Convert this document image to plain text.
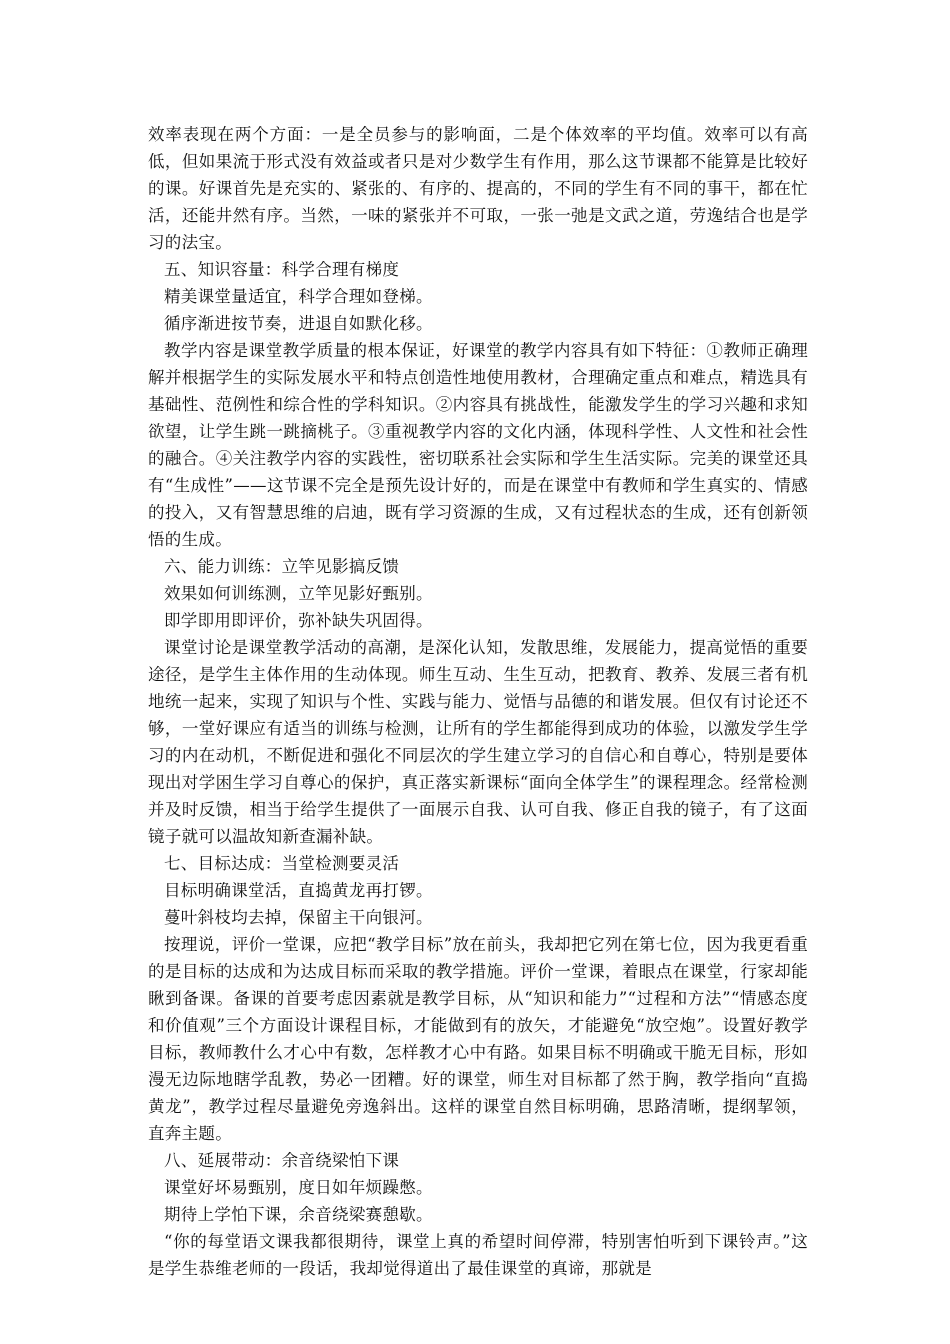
效率表现在两个方面：一是全员参与的影响面，二是个体效率的平均值。效率可以有高低，但如果流于形式没有效益或者只是对少数学生有作用，那么这节课都不能算是比较好的课。好课首先是充实的、紧张的、有序的、提高的，不同的学生有不同的事干，都在忙活，还能井然有序。当然，一味的紧张并不可取，一张一弛是文武之道，劳逸结合也是学习的法宝。

五、知识容量：科学合理有梯度

精美课堂量适宜，科学合理如登梯。

循序渐进按节奏，进退自如默化移。

教学内容是课堂教学质量的根本保证，好课堂的教学内容具有如下特征：①教师正确理解并根据学生的实际发展水平和特点创造性地使用教材，合理确定重点和难点，精选具有基础性、范例性和综合性的学科知识。②内容具有挑战性，能激发学生的学习兴趣和求知欲望，让学生跳一跳摘桃子。③重视教学内容的文化内涵，体现科学性、人文性和社会性的融合。④关注教学内容的实践性，密切联系社会实际和学生生活实际。完美的课堂还具有“生成性”——这节课不完全是预先设计好的，而是在课堂中有教师和学生真实的、情感的投入，又有智慧思维的启迪，既有学习资源的生成，又有过程状态的生成，还有创新领悟的生成。

六、能力训练：立竿见影搞反馈

效果如何训练测，立竿见影好甄别。

即学即用即评价，弥补缺失巩固得。

课堂讨论是课堂教学活动的高潮，是深化认知，发散思维，发展能力，提高觉悟的重要途径，是学生主体作用的生动体现。师生互动、生生互动，把教育、教养、发展三者有机地统一起来，实现了知识与个性、实践与能力、觉悟与品德的和谐发展。但仅有讨论还不够，一堂好课应有适当的训练与检测，让所有的学生都能得到成功的体验，以激发学生学习的内在动机，不断促进和强化不同层次的学生建立学习的自信心和自尊心，特别是要体现出对学困生学习自尊心的保护，真正落实新课标“面向全体学生”的课程理念。经常检测并及时反馈，相当于给学生提供了一面展示自我、认可自我、修正自我的镜子，有了这面镜子就可以温故知新查漏补缺。

七、目标达成：当堂检测要灵活

目标明确课堂活，直捣黄龙再打锣。

蔓叶斜枝均去掉，保留主干向银河。

按理说，评价一堂课，应把“教学目标”放在前头，我却把它列在第七位，因为我更看重的是目标的达成和为达成目标而采取的教学措施。评价一堂课，着眼点在课堂，行家却能瞅到备课。备课的首要考虑因素就是教学目标，从“知识和能力”“过程和方法”“情感态度和价值观”三个方面设计课程目标，才能做到有的放矢，才能避免“放空炮”。设置好教学目标，教师教什么才心中有数，怎样教才心中有路。如果目标不明确或干脆无目标，形如漫无边际地瞎学乱教，势必一团糟。好的课堂，师生对目标都了然于胸，教学指向“直捣黄龙”，教学过程尽量避免旁逸斜出。这样的课堂自然目标明确，思路清晰，提纲挈领，直奔主题。

八、延展带动：余音绕梁怕下课

课堂好坏易甄别，度日如年烦躁憋。

期待上学怕下课，余音绕梁赛憩歇。

“你的每堂语文课我都很期待，课堂上真的希望时间停滞，特别害怕听到下课铃声。”这是学生恭维老师的一段话，我却觉得道出了最佳课堂的真谛，那就是
